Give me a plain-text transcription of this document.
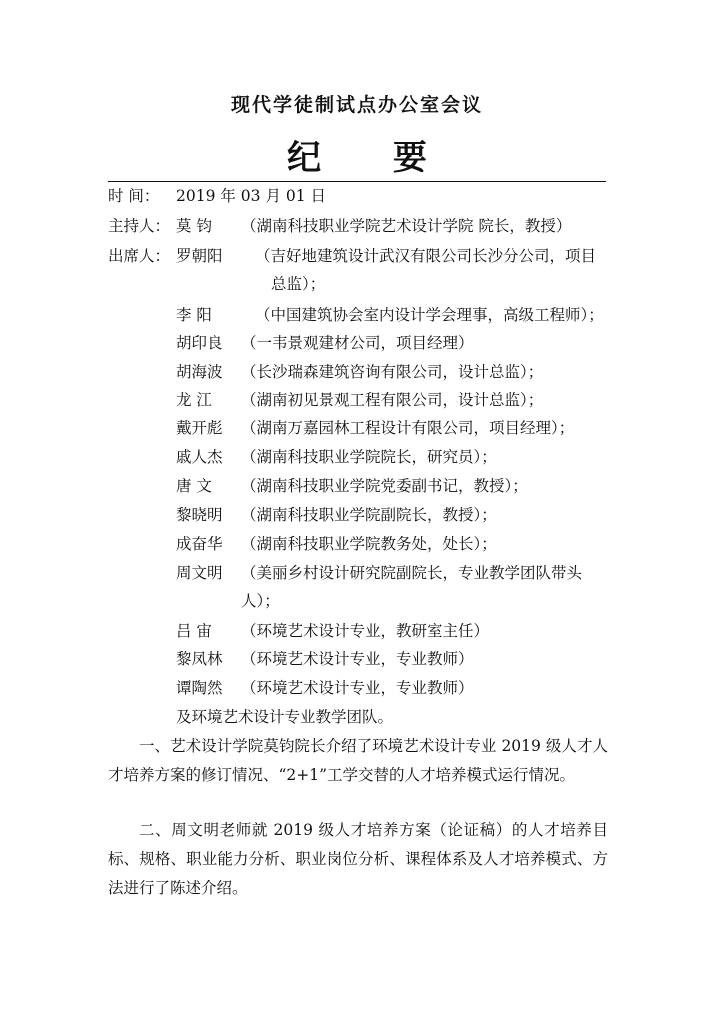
现代学徒制试点办公室会议
纪 要
时 间： 2019 年 03 月 01 日
主持人： 莫 钧 （湖南科技职业学院艺术设计学院 院长，教授）
出席人： 罗朝阳 （吉好地建筑设计武汉有限公司长沙分公司，项目
总监）；
李 阳	（中国建筑协会室内设计学会理事，高级工程师）；
胡印良 （一韦景观建材公司，项目经理）
胡海波 （长沙瑞森建筑咨询有限公司，设计总监）；
龙 江 （湖南初见景观工程有限公司，设计总监）；
戴开彪 （湖南万嘉园林工程设计有限公司，项目经理）；
戚人杰 （湖南科技职业学院院长，研究员）；
唐 文 （湖南科技职业学院党委副书记，教授）；
黎晓明 （湖南科技职业学院副院长，教授）；
成奋华 （湖南科技职业学院教务处，处长）；
周文明 （美丽乡村设计研究院副院长，专业教学团队带头
人）；
吕 宙 （环境艺术设计专业，教研室主任）
黎凤林 （环境艺术设计专业，专业教师）
谭陶然 （环境艺术设计专业，专业教师）
及环境艺术设计专业教学团队。
一、艺术设计学院莫钧院长介绍了环境艺术设计专业 2019 级人才人才培养方案的修订情况、“2+1”工学交替的人才培养模式运行情况。
二、周文明老师就 2019 级人才培养方案（论证稿）的人才培养目标、规格、职业能力分析、职业岗位分析、课程体系及人才培养模式、方法进行了陈述介绍。
